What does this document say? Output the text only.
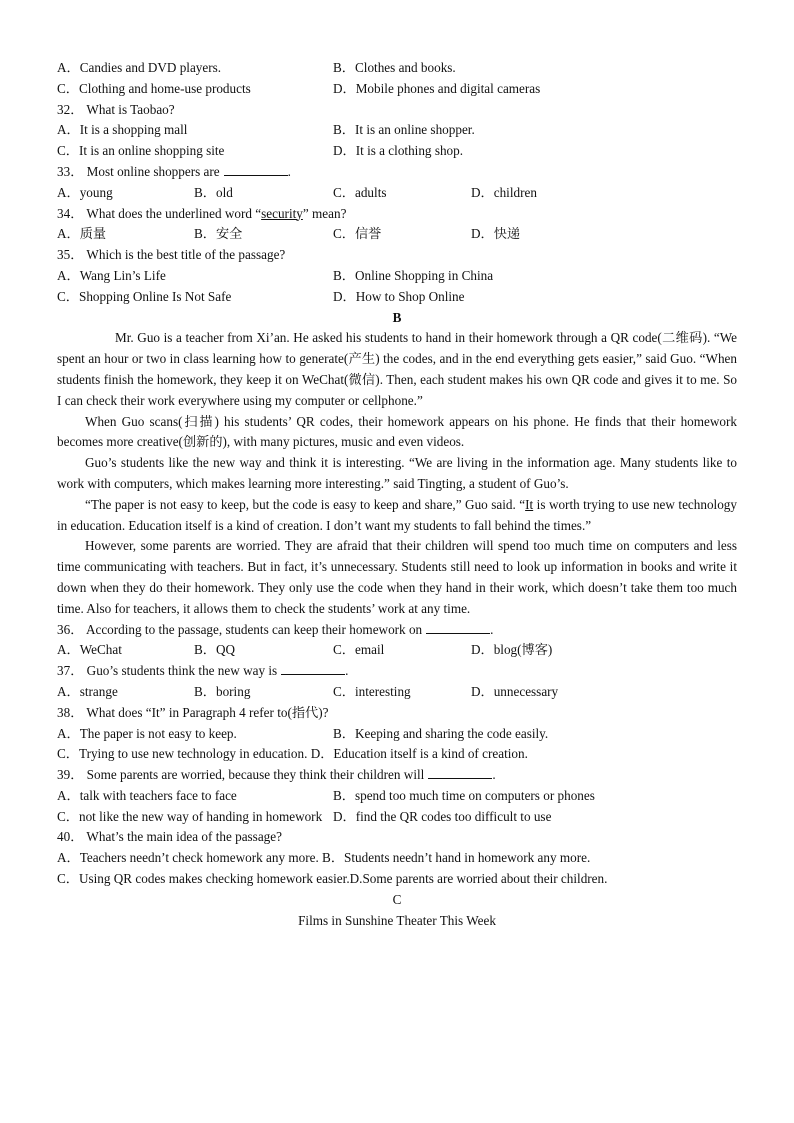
A．Candies and DVD players.	B．Clothes and books.
C．Clothing and home-use products	D．Mobile phones and digital cameras
32． What is Taobao?
A．It is a shopping mall	B．It is an online shopper.
C．It is an online shopping site	D．It is a clothing shop.
33． Most online shoppers are	.
A．young	B．old	C．adults	D．children
34． What does the underlined word “security” mean?
A．质量	B．安全	C．信誉	D．快递
35． Which is the best title of the passage?
A．Wang Lin’s Life	B．Online Shopping in China
C．Shopping Online Is Not Safe	D．How to Shop Online
B

Mr. Guo is a teacher from Xi’an. He asked his students to hand in their homework through a QR code(二维码). “We spent an hour or two in class learning how to generate(产生) the codes, and in the end everything gets easier,” said Guo. “When students finish the homework, they keep it on WeChat(微信). Then, each student makes his own QR code and gives it to me. So I can check their work everywhere using my computer or cellphone.”

When Guo scans(扫描) his students’ QR codes, their homework appears on his phone. He finds that their homework becomes more creative(创新的), with many pictures, music and even videos.

Guo’s students like the new way and think it is interesting. “We are living in the information age. Many students like to work with computers, which makes learning more interesting.” said Tingting, a student of Guo’s.

“The paper is not easy to keep, but the code is easy to keep and share,” Guo said. “It is worth trying to use new technology in education. Education itself is a kind of creation. I don’t want my students to fall behind the times.”

However, some parents are worried. They are afraid that their children will spend too much time on computers and less time communicating with teachers. But in fact, it’s unnecessary. Students still need to look up information in books and write it down when they do their homework. They only use the code when they hand in their work, which doesn’t take them too much time. Also for teachers, it allows them to check the students’ work at any time.

36． According to the passage, students can keep their homework on	.
A．WeChat	B．QQ	C．email	D．blog(博客)
37． Guo’s students think the new way is	.
A．strange	B．boring	C．interesting	D．unnecessary
38． What does “It” in Paragraph 4 refer to(指代)?
A．The paper is not easy to keep.	B．Keeping and sharing the code easily.
C．Trying to use new technology in education. D．Education itself is a kind of creation.
39． Some parents are worried, because they think their children will	.
A．talk with teachers face to face	B．spend too much time on computers or phones
C．not like the new way of handing in homework D．find the QR codes too difficult to use
40． What’s the main idea of the passage?
A．Teachers needn’t check homework any more. B．Students needn’t hand in homework any more.
C．Using QR codes makes checking homework easier.D.Some parents are worried about their children.
C
Films in Sunshine Theater This Week
